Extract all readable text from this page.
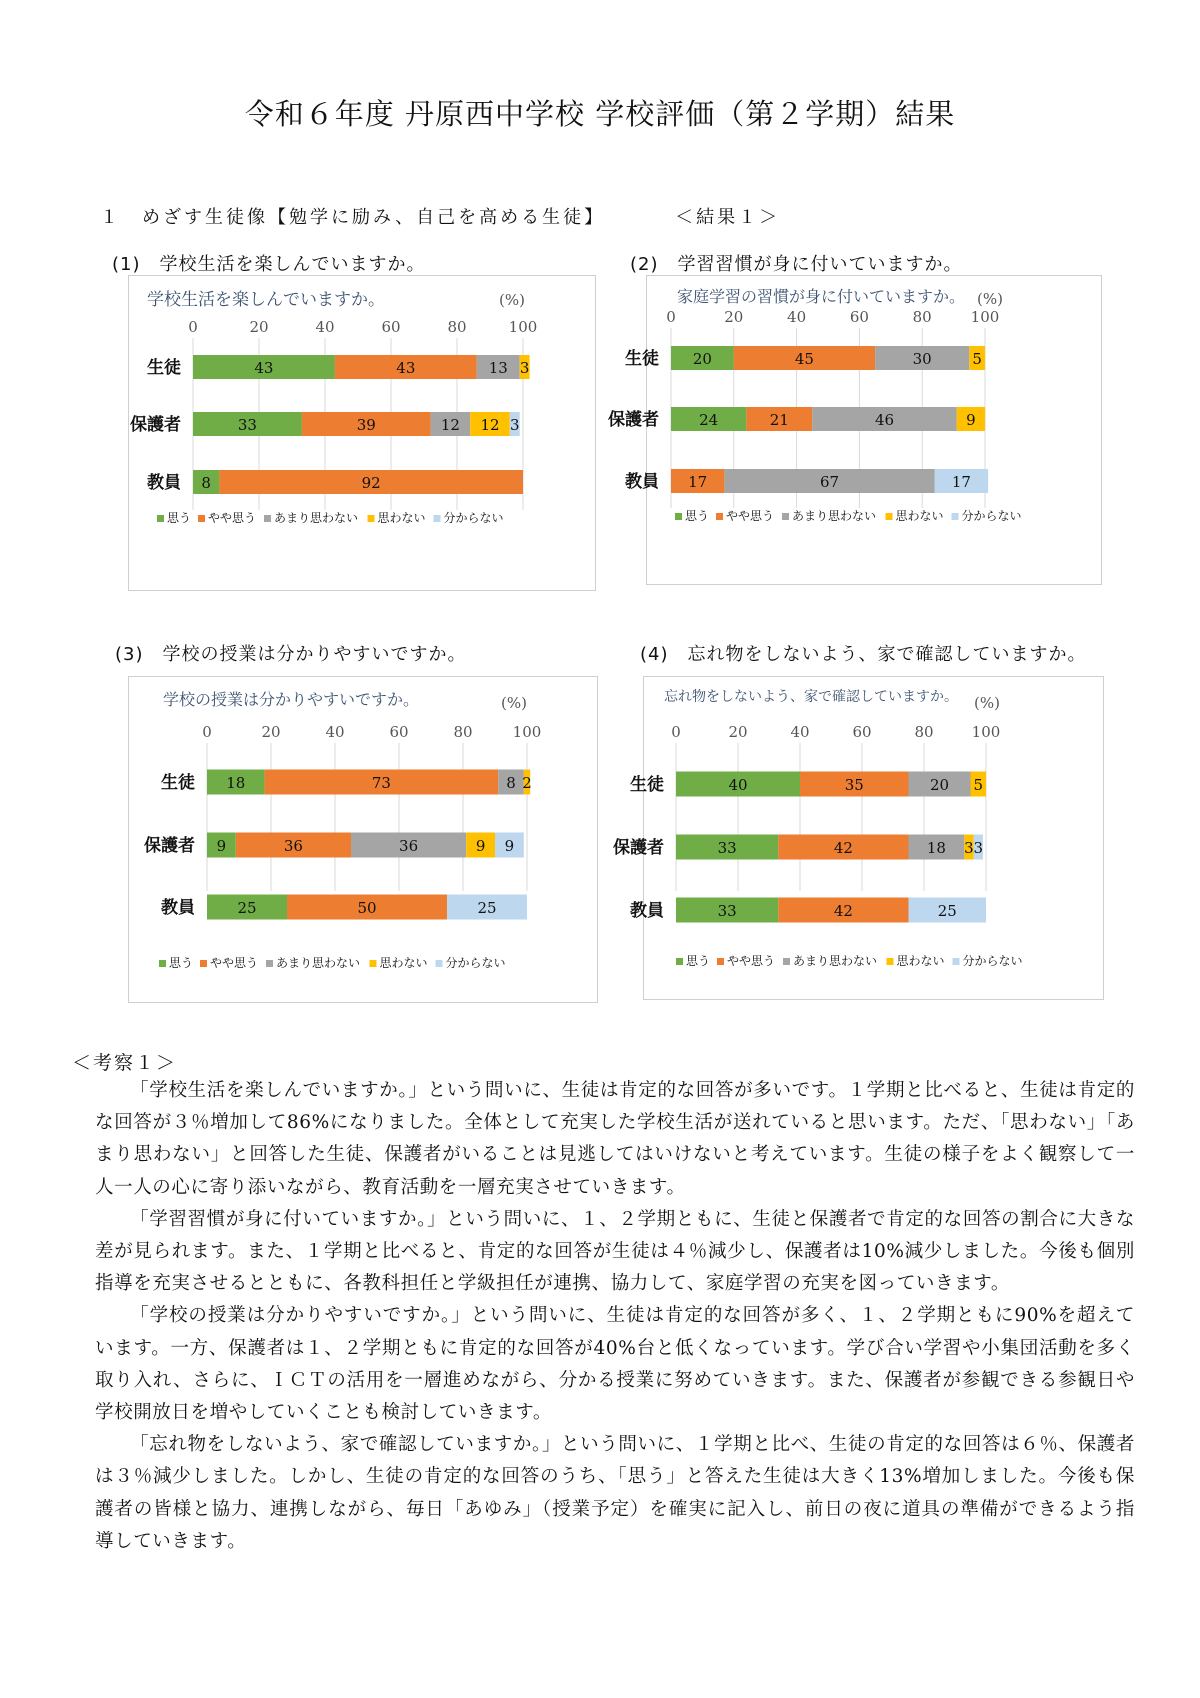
令和６年度 丹原西中学校 学校評価（第２学期）結果
１　めざす生徒像【勉学に励み、自己を高める生徒】	＜結果１＞
(1)　学校生活を楽しんでいますか。	(2)　学習習慣が身に付いていますか。
(3)　学校の授業は分かりやすいですか。	(4)　忘れ物をしないよう、家で確認していますか。
学校生活を楽しんでいますか。	(%)
0	20	40	60	80	100
生徒	43	43	13 3
保護者	33	39	12 12 3
教員 8	92
思う やや思う あまり思わない 思わない 分からない
家庭学習の習慣が身に付いていますか。 (%)
0	20	40	60	80	100
生徒 20	45	30	5
保護者	24	21	46	9
教員 17	67	17
思う やや思う あまり思わない 思わない 分からない
学校の授業は分かりやすいですか。	(%)
0	20	40	60	80	100
生徒 18	73	8 2
保護者 9	36	36	9 9
教員	25	50	25
思う やや思う あまり思わない 思わない 分からない
忘れ物をしないよう、家で確認していますか。 (%)
0	20	40	60	80	100
生徒	40	35	20 5
保護者	33	42	18 3 3
教員	33	42	25
思う やや思う あまり思わない 思わない 分からない
＜考察１＞

「学校生活を楽しんでいますか。」という問いに、生徒は肯定的な回答が多いです。１学期と比べると、生徒は肯定的な回答が３％増加して86%になりました。全体として充実した学校生活が送れていると思います。ただ、「思わない」「あまり思わない」と回答した生徒、保護者がいることは見逃してはいけないと考えています。生徒の様子をよく観察して一人一人の心に寄り添いながら、教育活動を一層充実させていきます。

「学習習慣が身に付いていますか。」という問いに、１、２学期ともに、生徒と保護者で肯定的な回答の割合に大きな差が見られます。また、１学期と比べると、肯定的な回答が生徒は４％減少し、保護者は10%減少しました。今後も個別指導を充実させるとともに、各教科担任と学級担任が連携、協力して、家庭学習の充実を図っていきます。

「学校の授業は分かりやすいですか。」という問いに、生徒は肯定的な回答が多く、１、２学期ともに90%を超えています。一方、保護者は１、２学期ともに肯定的な回答が40%台と低くなっています。学び合い学習や小集団活動を多く取り入れ、さらに、ＩＣＴの活用を一層進めながら、分かる授業に努めていきます。また、保護者が参観できる参観日や学校開放日を増やしていくことも検討していきます。

「忘れ物をしないよう、家で確認していますか。」という問いに、１学期と比べ、生徒の肯定的な回答は６％、保護者は３％減少しました。しかし、生徒の肯定的な回答のうち、「思う」と答えた生徒は大きく13%増加しました。今後も保護者の皆様と協力、連携しながら、毎日「あゆみ」（授業予定）を確実に記入し、前日の夜に道具の準備ができるよう指導していきます。
